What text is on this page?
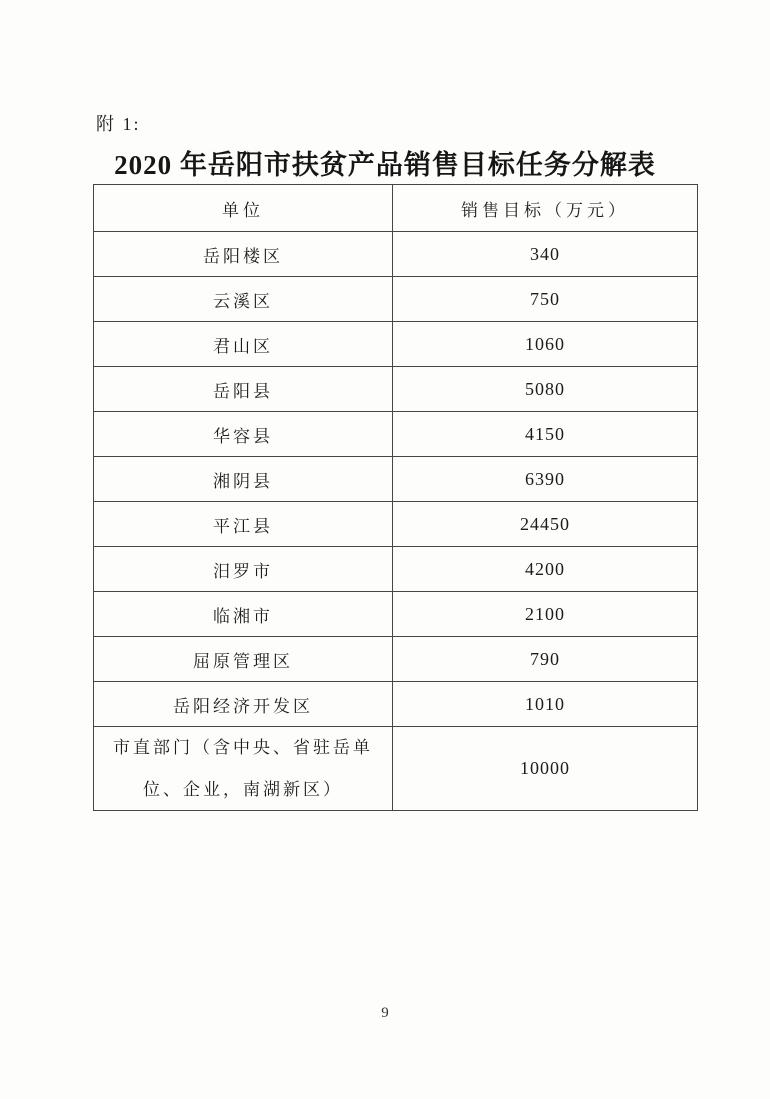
附 1:
2020 年岳阳市扶贫产品销售目标任务分解表
单位	销售目标（万元）
岳阳楼区	340
云溪区	750
君山区	1060
岳阳县	5080
华容县	4150
湘阴县	6390
平江县	24450
汨罗市	4200
临湘市	2100
屈原管理区	790
岳阳经济开发区	1010
市直部门（含中央、省驻岳单位、企业，南湖新区）	10000
9
